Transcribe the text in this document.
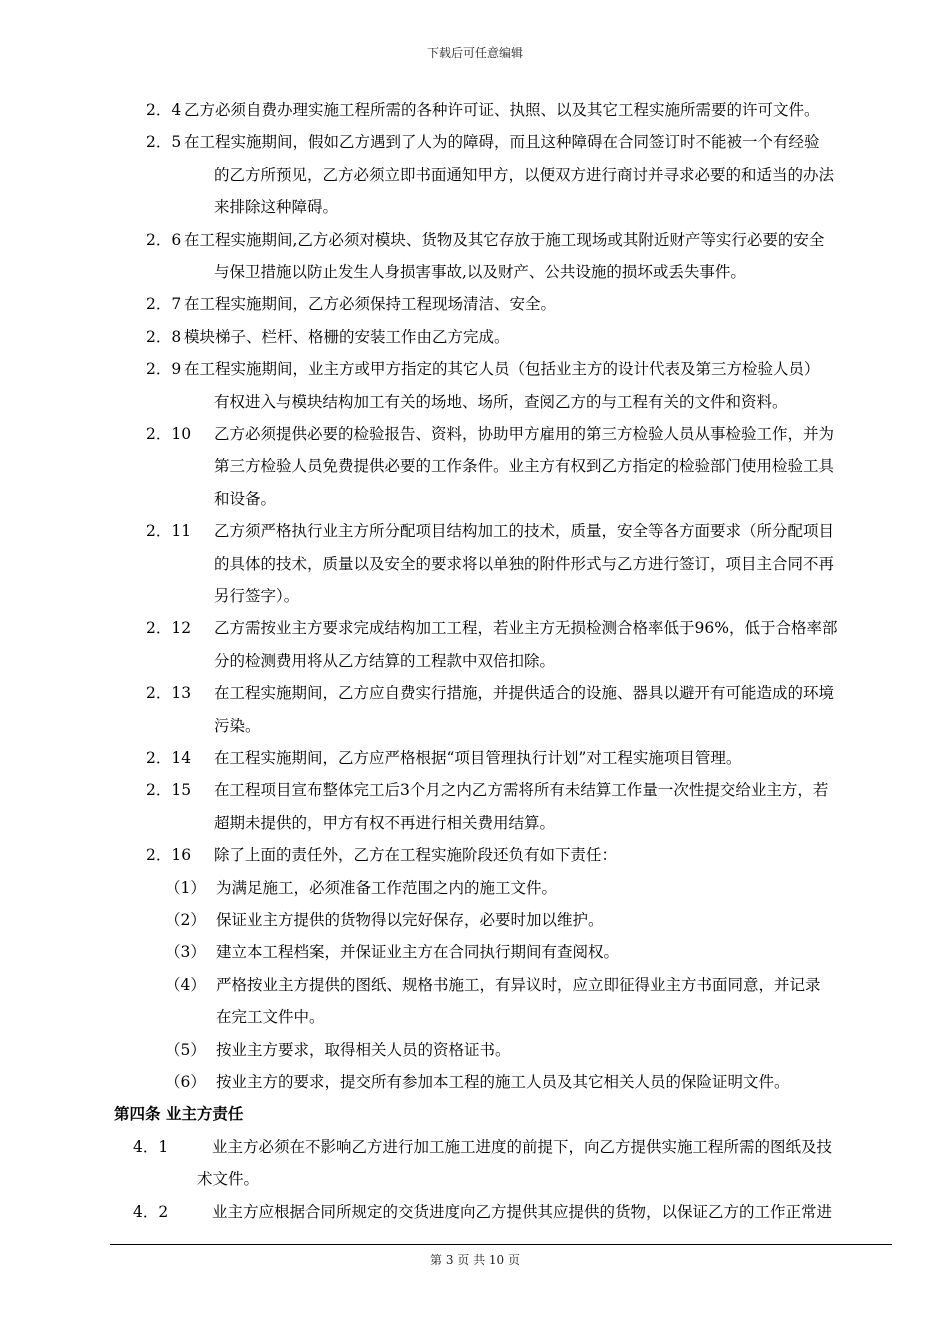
下载后可任意编辑
2．4 乙方必须自费办理实施工程所需的各种许可证、执照、以及其它工程实施所需要的许可文件。
2．5 在工程实施期间，假如乙方遇到了人为的障碍，而且这种障碍在合同签订时不能被一个有经验
的乙方所预见，乙方必须立即书面通知甲方，以便双方进行商讨并寻求必要的和适当的办法
来排除这种障碍。
2．6 在工程实施期间,乙方必须对模块、货物及其它存放于施工现场或其附近财产等实行必要的安全
与保卫措施以防止发生人身损害事故,以及财产、公共设施的损坏或丢失事件。
2．7 在工程实施期间，乙方必须保持工程现场清洁、安全。
2．8 模块梯子、栏杆、格栅的安装工作由乙方完成。
2．9 在工程实施期间，业主方或甲方指定的其它人员（包括业主方的设计代表及第三方检验人员）
有权进入与模块结构加工有关的场地、场所，查阅乙方的与工程有关的文件和资料。
2．10 乙方必须提供必要的检验报告、资料，协助甲方雇用的第三方检验人员从事检验工作，并为
第三方检验人员免费提供必要的工作条件。业主方有权到乙方指定的检验部门使用检验工具
和设备。
2．11 乙方须严格执行业主方所分配项目结构加工的技术，质量，安全等各方面要求（所分配项目
的具体的技术，质量以及安全的要求将以单独的附件形式与乙方进行签订，项目主合同不再
另行签字）。
2．12 乙方需按业主方要求完成结构加工工程，若业主方无损检测合格率低于96%，低于合格率部
分的检测费用将从乙方结算的工程款中双倍扣除。
2．13 在工程实施期间，乙方应自费实行措施，并提供适合的设施、器具以避开有可能造成的环境
污染。
2．14 在工程实施期间，乙方应严格根据“项目管理执行计划”对工程实施项目管理。
2．15 在工程项目宣布整体完工后3个月之内乙方需将所有未结算工作量一次性提交给业主方，若
超期未提供的，甲方有权不再进行相关费用结算。
2．16 除了上面的责任外，乙方在工程实施阶段还负有如下责任：
（1） 为满足施工，必须准备工作范围之内的施工文件。
（2） 保证业主方提供的货物得以完好保存，必要时加以维护。
（3） 建立本工程档案，并保证业主方在合同执行期间有查阅权。
（4） 严格按业主方提供的图纸、规格书施工，有异议时，应立即征得业主方书面同意，并记录
在完工文件中。
（5） 按业主方要求，取得相关人员的资格证书。
（6） 按业主方的要求，提交所有参加本工程的施工人员及其它相关人员的保险证明文件。
第四条 业主方责任
4．1	业主方必须在不影响乙方进行加工施工进度的前提下，向乙方提供实施工程所需的图纸及技
术文件。
4．2	业主方应根据合同所规定的交货进度向乙方提供其应提供的货物，以保证乙方的工作正常进
第 3 页 共 10 页
